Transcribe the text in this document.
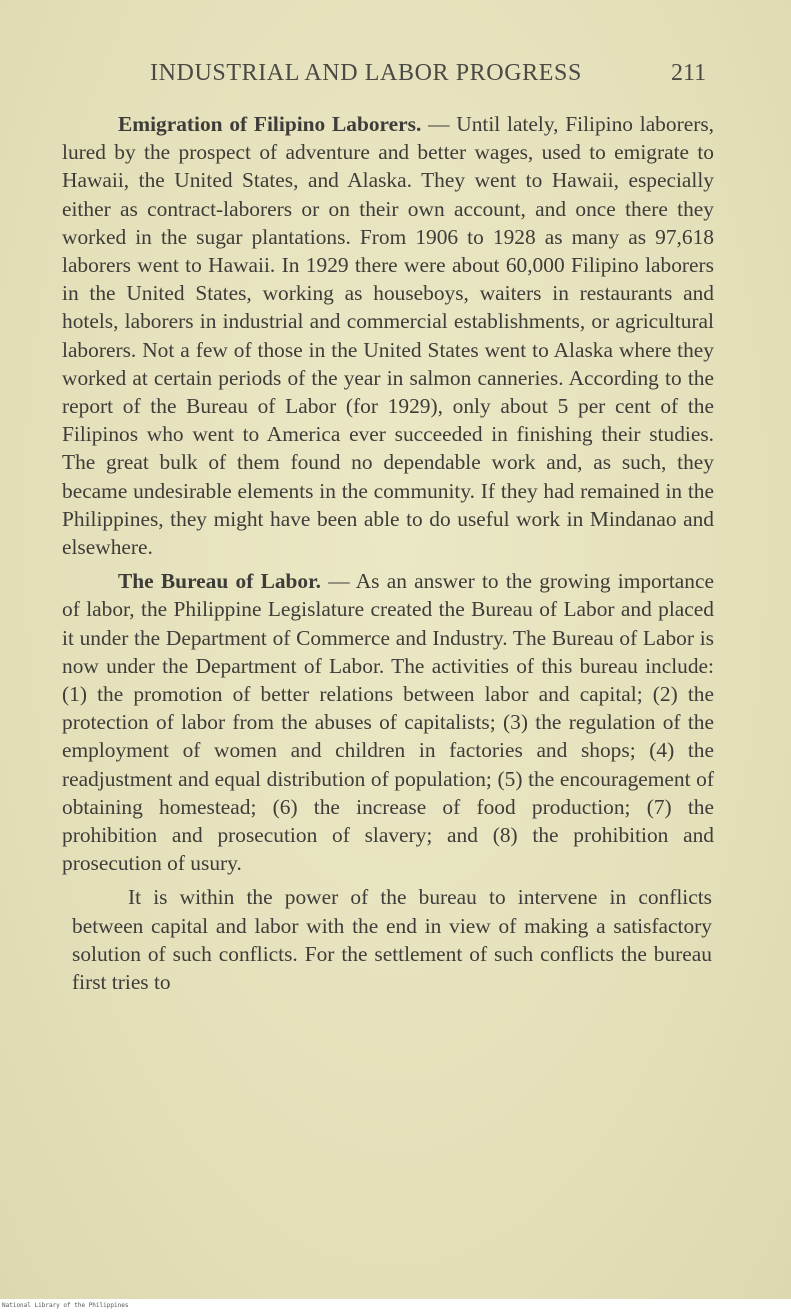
INDUSTRIAL AND LABOR PROGRESS	211

Emigration of Filipino Laborers. — Until lately, Filipino laborers, lured by the prospect of adventure and better wages, used to emigrate to Hawaii, the United States, and Alaska. They went to Hawaii, especially either as contract-laborers or on their own account, and once there they worked in the sugar plantations. From 1906 to 1928 as many as 97,618 laborers went to Hawaii. In 1929 there were about 60,000 Filipino laborers in the United States, working as houseboys, waiters in restaurants and hotels, laborers in industrial and commercial establishments, or agricultural laborers. Not a few of those in the United States went to Alaska where they worked at certain periods of the year in salmon canneries. According to the report of the Bureau of Labor (for 1929), only about 5 per cent of the Filipinos who went to America ever succeeded in finishing their studies. The great bulk of them found no dependable work and, as such, they became undesirable elements in the community. If they had remained in the Philippines, they might have been able to do useful work in Mindanao and elsewhere.

The Bureau of Labor. — As an answer to the growing importance of labor, the Philippine Legislature created the Bureau of Labor and placed it under the Department of Commerce and Industry. The Bureau of Labor is now under the Department of Labor. The activities of this bureau include: (1) the promotion of better relations between labor and capital; (2) the protection of labor from the abuses of capitalists; (3) the regulation of the employment of women and children in factories and shops; (4) the readjustment and equal distribution of population; (5) the encouragement of obtaining homestead; (6) the increase of food production; (7) the prohibition and prosecution of slavery; and (8) the prohibition and prosecution of usury.

It is within the power of the bureau to intervene in conflicts between capital and labor with the end in view of making a satisfactory solution of such conflicts. For the settlement of such conflicts the bureau first tries to

National Library of the Philippines
